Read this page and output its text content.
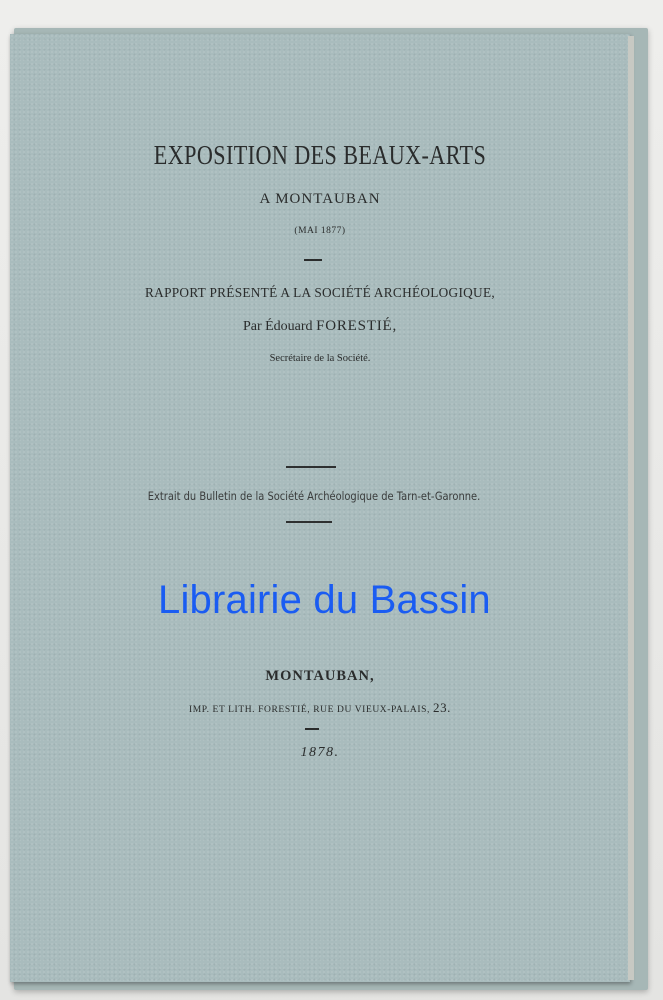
EXPOSITION DES BEAUX-ARTS
A MONTAUBAN
(MAI 1877)
RAPPORT PRÉSENTÉ A LA SOCIÉTÉ ARCHÉOLOGIQUE,
Par Édouard FORESTIÉ,
Secrétaire de la Société.
Extrait du Bulletin de la Société Archéologique de Tarn-et-Garonne.
MONTAUBAN,
IMP. ET LITH. FORESTIÉ, RUE DU VIEUX-PALAIS, 23.
1878.
Librairie du Bassin
